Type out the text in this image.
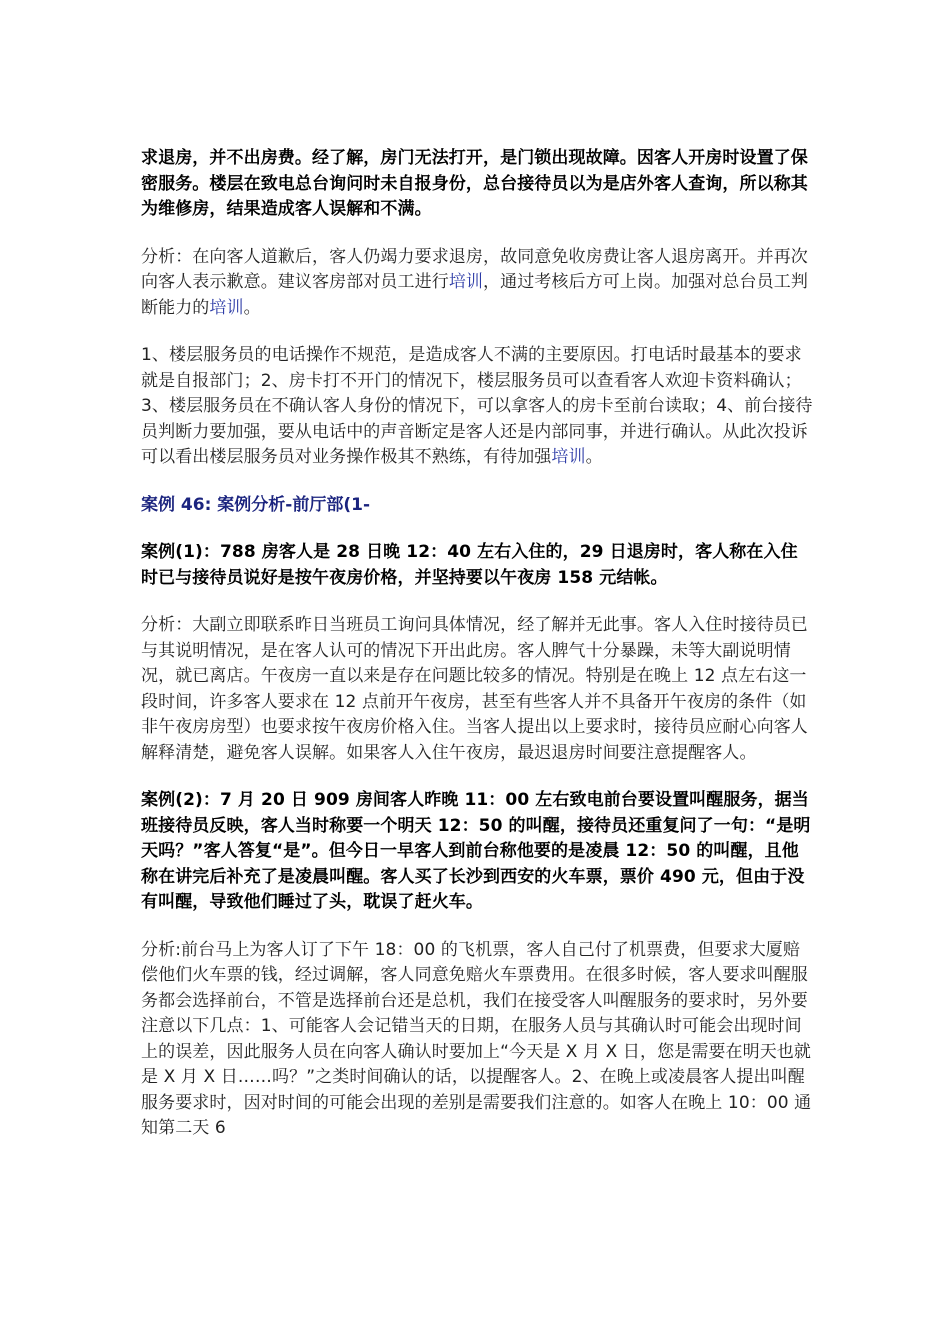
求退房，并不出房费。经了解，房门无法打开，是门锁出现故障。因客人开房时设置了保密服务。楼层在致电总台询问时未自报身份，总台接待员以为是店外客人查询，所以称其为维修房，结果造成客人误解和不满。

分析：在向客人道歉后，客人仍竭力要求退房，故同意免收房费让客人退房离开。并再次向客人表示歉意。建议客房部对员工进行培训，通过考核后方可上岗。加强对总台员工判断能力的培训。

1、楼层服务员的电话操作不规范，是造成客人不满的主要原因。打电话时最基本的要求就是自报部门；2、房卡打不开门的情况下，楼层服务员可以查看客人欢迎卡资料确认；3、楼层服务员在不确认客人身份的情况下，可以拿客人的房卡至前台读取；4、前台接待员判断力要加强，要从电话中的声音断定是客人还是内部同事，并进行确认。从此次投诉可以看出楼层服务员对业务操作极其不熟练，有待加强培训。

案例 46: 案例分析-前厅部(1-

案例(1)：788 房客人是 28 日晚 12：40 左右入住的，29 日退房时，客人称在入住时已与接待员说好是按午夜房价格，并坚持要以午夜房 158 元结帐。

分析：大副立即联系昨日当班员工询问具体情况，经了解并无此事。客人入住时接待员已与其说明情况，是在客人认可的情况下开出此房。客人脾气十分暴躁，未等大副说明情况，就已离店。午夜房一直以来是存在问题比较多的情况。特别是在晚上 12 点左右这一段时间，许多客人要求在 12 点前开午夜房，甚至有些客人并不具备开午夜房的条件（如非午夜房房型）也要求按午夜房价格入住。当客人提出以上要求时，接待员应耐心向客人解释清楚，避免客人误解。如果客人入住午夜房，最迟退房时间要注意提醒客人。

案例(2)：7 月 20 日 909 房间客人昨晚 11：00 左右致电前台要设置叫醒服务，据当班接待员反映，客人当时称要一个明天 12：50 的叫醒，接待员还重复问了一句：“是明天吗？”客人答复“是”。但今日一早客人到前台称他要的是凌晨 12：50 的叫醒，且他称在讲完后补充了是凌晨叫醒。客人买了长沙到西安的火车票，票价 490 元，但由于没有叫醒，导致他们睡过了头，耽误了赶火车。

分析:前台马上为客人订了下午 18：00 的飞机票，客人自己付了机票费，但要求大厦赔偿他们火车票的钱，经过调解，客人同意免赔火车票费用。在很多时候，客人要求叫醒服务都会选择前台，不管是选择前台还是总机，我们在接受客人叫醒服务的要求时，另外要注意以下几点：1、可能客人会记错当天的日期，在服务人员与其确认时可能会出现时间上的误差，因此服务人员在向客人确认时要加上“今天是 X 月 X 日，您是需要在明天也就是 X 月 X 日……吗？”之类时间确认的话，以提醒客人。2、在晚上或凌晨客人提出叫醒服务要求时，因对时间的可能会出现的差别是需要我们注意的。如客人在晚上 10：00 通知第二天 6
